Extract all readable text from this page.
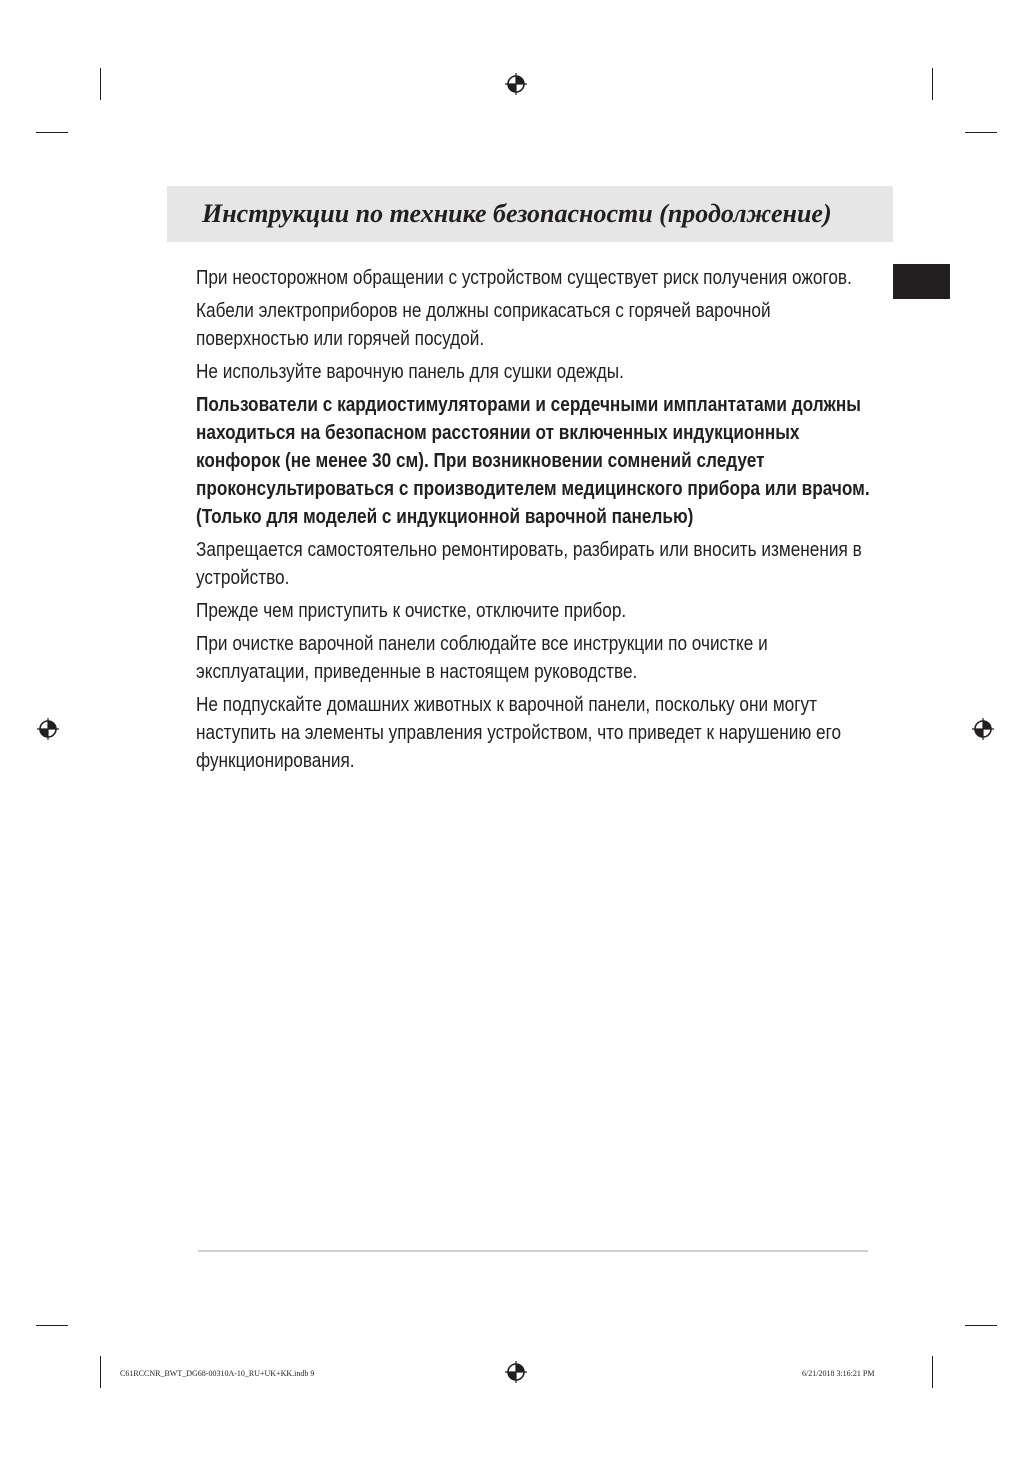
Инструкции по технике безопасности (продолжение)

При неосторожном обращении с устройством существует риск получения ожогов.

Кабели электроприборов не должны соприкасаться с горячей варочной поверхностью или горячей посудой.

Не используйте варочную панель для сушки одежды.

Пользователи с кардиостимуляторами и сердечными имплантатами должны находиться на безопасном расстоянии от включенных индукционных конфорок (не менее 30 см). При возникновении сомнений следует проконсультироваться с производителем медицинского прибора или врачом. (Только для моделей с индукционной варочной панелью)

Запрещается самостоятельно ремонтировать, разбирать или вносить изменения в устройство.

Прежде чем приступить к очистке, отключите прибор.

При очистке варочной панели соблюдайте все инструкции по очистке и эксплуатации, приведенные в настоящем руководстве.

Не подпускайте домашних животных к варочной панели, поскольку они могут наступить на элементы управления устройством, что приведет к нарушению его функционирования.

C61RCCNR_BWT_DG68-00310A-10_RU+UK+KK.indb 9	6/21/2018 3:16:21 PM
